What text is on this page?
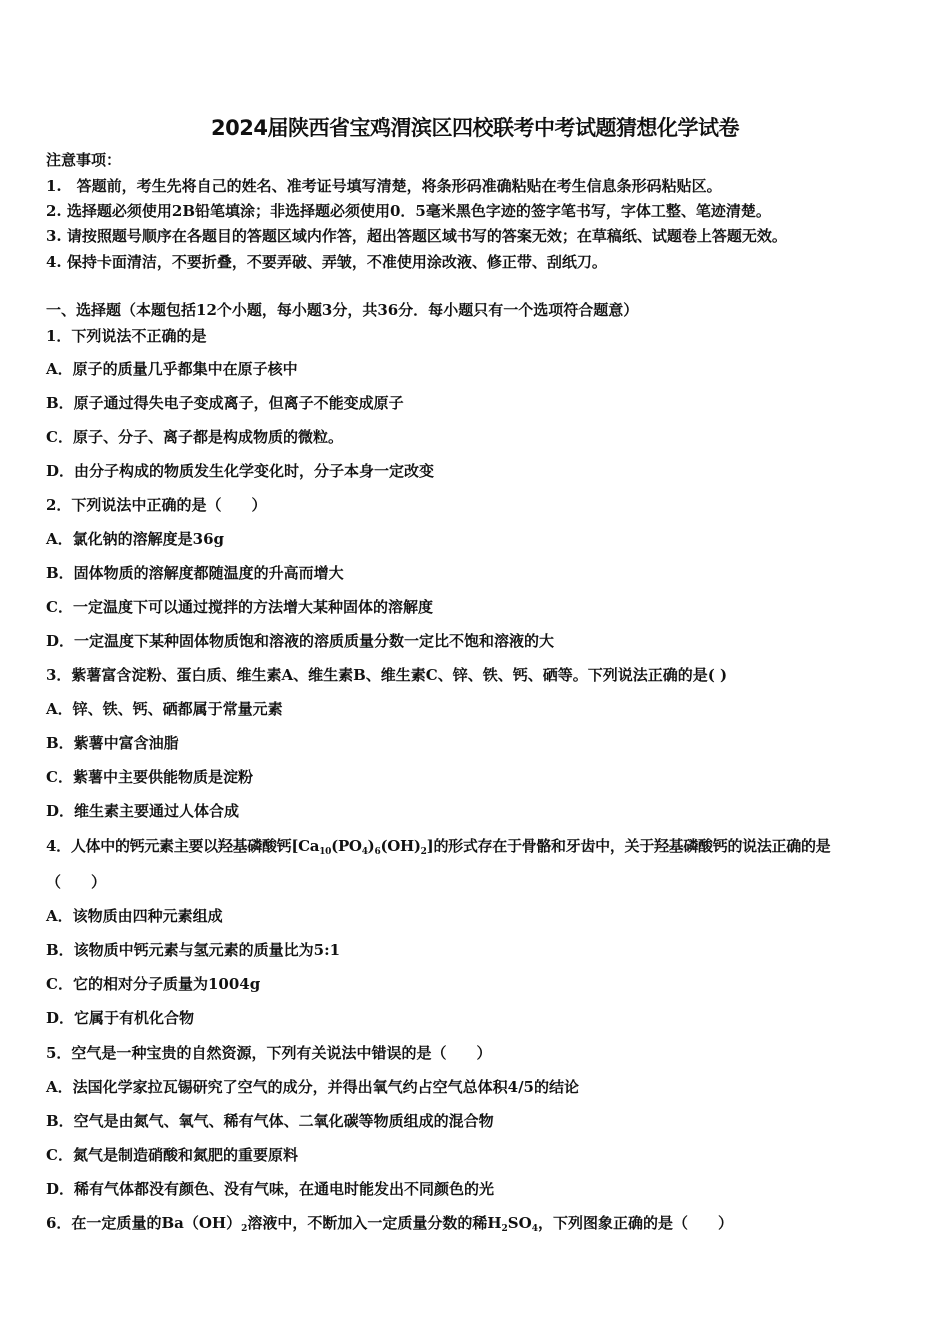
2024届陕西省宝鸡渭滨区四校联考中考试题猜想化学试卷
注意事项：
1.　答题前，考生先将自己的姓名、准考证号填写清楚，将条形码准确粘贴在考生信息条形码粘贴区。
2. 选择题必须使用2B铅笔填涂；非选择题必须使用0．5毫米黑色字迹的签字笔书写，字体工整、笔迹清楚。
3. 请按照题号顺序在各题目的答题区域内作答，超出答题区域书写的答案无效；在草稿纸、试题卷上答题无效。
4. 保持卡面清洁，不要折叠，不要弄破、弄皱，不准使用涂改液、修正带、刮纸刀。
一、选择题（本题包括12个小题，每小题3分，共36分．每小题只有一个选项符合题意）
1．下列说法不正确的是
A．原子的质量几乎都集中在原子核中
B．原子通过得失电子变成离子，但离子不能变成原子
C．原子、分子、离子都是构成物质的微粒。
D．由分子构成的物质发生化学变化时，分子本身一定改变
2．下列说法中正确的是（　　）
A．氯化钠的溶解度是36g
B．固体物质的溶解度都随温度的升高而增大
C．一定温度下可以通过搅拌的方法增大某种固体的溶解度
D．一定温度下某种固体物质饱和溶液的溶质质量分数一定比不饱和溶液的大
3．紫薯富含淀粉、蛋白质、维生素A、维生素B、维生素C、锌、铁、钙、硒等。下列说法正确的是( )
A．锌、铁、钙、硒都属于常量元素
B．紫薯中富含油脂
C．紫薯中主要供能物质是淀粉
D．维生素主要通过人体合成
4．人体中的钙元素主要以羟基磷酸钙$[Ca_{10}(PO_4)_6(OH)_2]$的形式存在于骨骼和牙齿中，关于羟基磷酸钙的说法正确的是
（　　）
A．该物质由四种元素组成
B．该物质中钙元素与氢元素的质量比为5:1
C．它的相对分子质量为1004g
D．它属于有机化合物
5．空气是一种宝贵的自然资源，下列有关说法中错误的是（　　）
A．法国化学家拉瓦锡研究了空气的成分，并得出氧气约占空气总体积4/5的结论
B．空气是由氮气、氧气、稀有气体、二氧化碳等物质组成的混合物
C．氮气是制造硝酸和氮肥的重要原料
D．稀有气体都没有颜色、没有气味，在通电时能发出不同颜色的光
6．在一定质量的$Ba(OH)_2$溶液中，不断加入一定质量分数的稀$H_2SO_4$，下列图象正确的是（　　）
